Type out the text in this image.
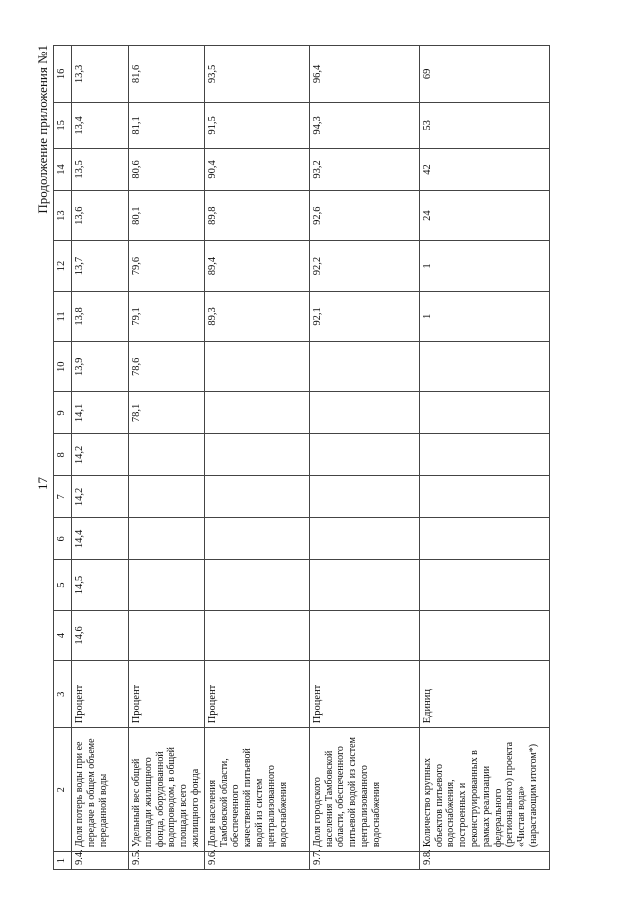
17
Продолжение приложения №1
1	2	3	4	5	6	7	8	9	10	11	12	13	14	15	16
9.4.	Доля потерь воды при ее передаче в общем объеме переданной воды	Процент	14,6	14,5	14,4	14,2	14,2	14,1	13,9	13,8	13,7	13,6	13,5	13,4	13,3
9.5.	Удельный вес общей площади жилищного фонда, оборудованной водопроводом, в общей площади всего жилищного фонда	Процент						78,1	78,6	79,1	79,6	80,1	80,6	81,1	81,6
9.6.	Доля населения Тамбовской области, обеспеченного качественной питьевой водой из систем централизованного водоснабжения	Процент								89,3	89,4	89,8	90,4	91,5	93,5
9.7.	Доля городского населения Тамбовской области, обеспеченного питьевой водой из систем централизованного водоснабжения	Процент								92,1	92,2	92,6	93,2	94,3	96,4
9.8.	Количество крупных объектов питьевого водоснабжения, построенных и реконструированных в рамках реализации федерального (регионального) проекта «Чистая вода» (нарастающим итогом*)	Единиц								1	1	24	42	53	69
